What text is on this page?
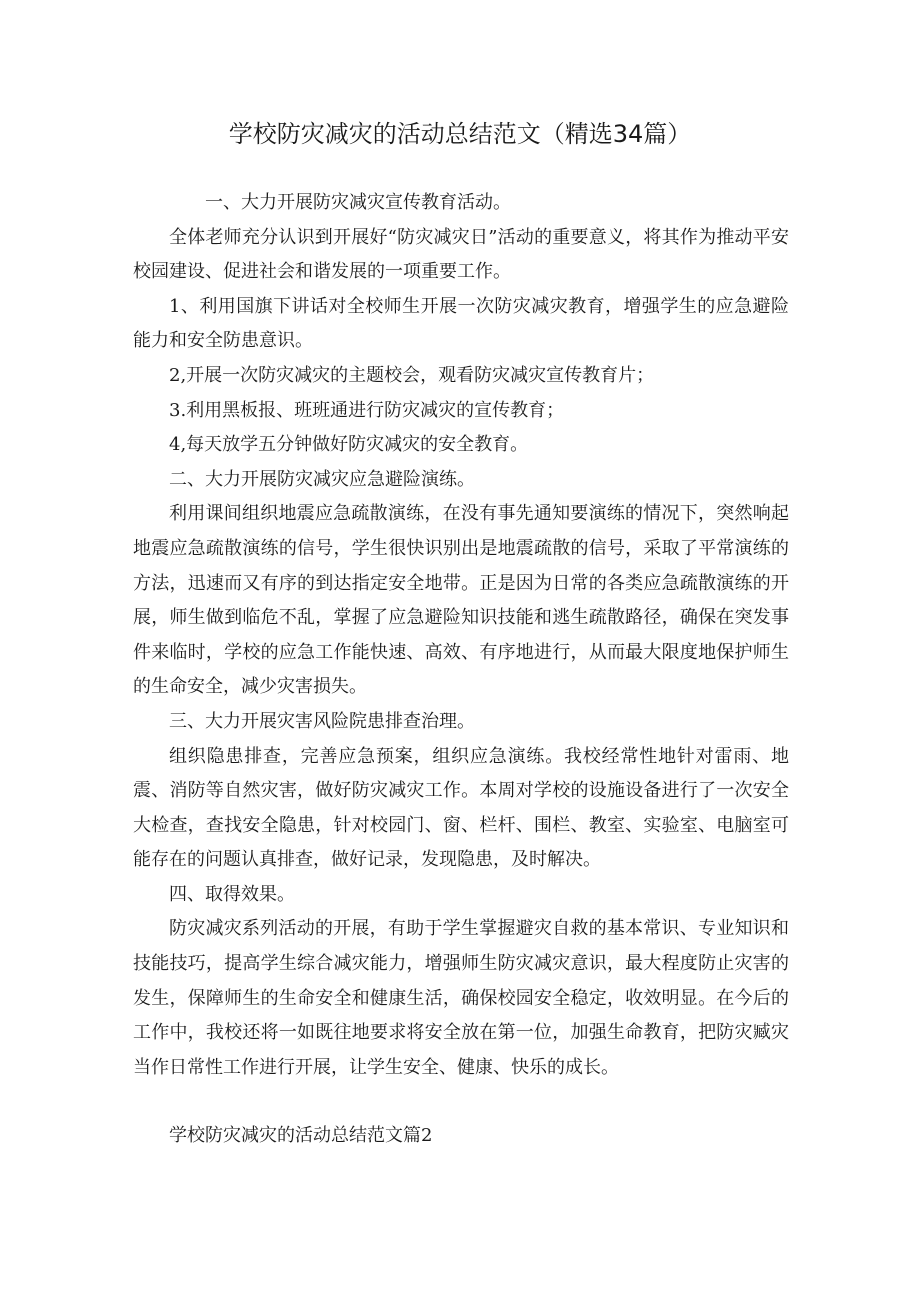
学校防灾减灾的活动总结范文（精选34篇）

一、大力开展防灾减灾宣传教育活动。

全体老师充分认识到开展好“防灾减灾日”活动的重要意义，将其作为推动平安校园建设、促进社会和谐发展的一项重要工作。

1、利用国旗下讲话对全校师生开展一次防灾减灾教育，增强学生的应急避险能力和安全防患意识。

2,开展一次防灾减灾的主题校会，观看防灾减灾宣传教育片；

3.利用黑板报、班班通进行防灾减灾的宣传教育；

4,每天放学五分钟做好防灾减灾的安全教育。

二、大力开展防灾减灾应急避险演练。

利用课间组织地震应急疏散演练，在没有事先通知要演练的情况下，突然响起地震应急疏散演练的信号，学生很快识别出是地震疏散的信号，采取了平常演练的方法，迅速而又有序的到达指定安全地带。正是因为日常的各类应急疏散演练的开展，师生做到临危不乱，掌握了应急避险知识技能和逃生疏散路径，确保在突发事件来临时，学校的应急工作能快速、高效、有序地进行，从而最大限度地保护师生的生命安全，减少灾害损失。

三、大力开展灾害风险院患排查治理。

组织隐患排查，完善应急预案，组织应急演练。我校经常性地针对雷雨、地震、消防等自然灾害，做好防灾减灾工作。本周对学校的设施设备进行了一次安全大检查，查找安全隐患，针对校园门、窗、栏杆、围栏、教室、实验室、电脑室可能存在的问题认真排查，做好记录，发现隐患，及时解决。

四、取得效果。

防灾减灾系列活动的开展，有助于学生掌握避灾自救的基本常识、专业知识和技能技巧，提高学生综合减灾能力，增强师生防灾减灾意识，最大程度防止灾害的发生，保障师生的生命安全和健康生活，确保校园安全稳定，收效明显。在今后的工作中，我校还将一如既往地要求将安全放在第一位，加强生命教育，把防灾臧灾当作日常性工作进行开展，让学生安全、健康、快乐的成长。

学校防灾减灾的活动总结范文篇2
